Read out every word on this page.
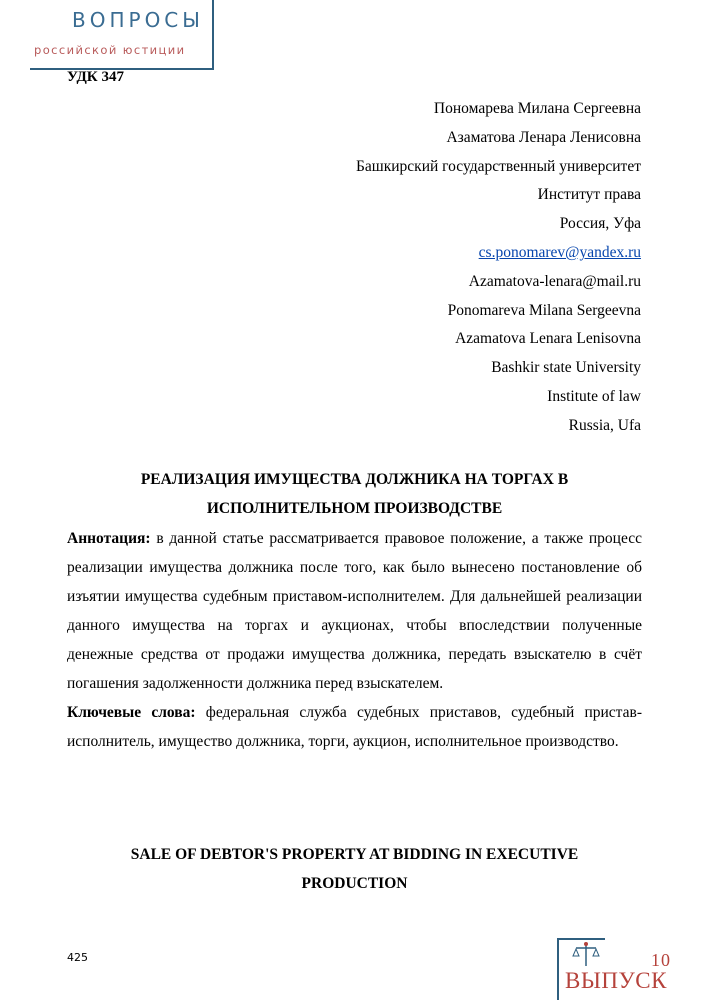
ВОПРОСЫ
российской юстиции
УДК 347
Пономарева Милана Сергеевна
Азаматова Ленара Ленисовна
Башкирский государственный университет
Институт права
Россия, Уфа
cs.ponomarev@yandex.ru
Azamatova-lenara@mail.ru
Ponomareva Milana Sergeevna
Azamatova Lenara Lenisovna
Bashkir state University
Institute of law
Russia, Ufa
РЕАЛИЗАЦИЯ ИМУЩЕСТВА ДОЛЖНИКА НА ТОРГАХ В
ИСПОЛНИТЕЛЬНОМ ПРОИЗВОДСТВЕ

Аннотация: в данной статье рассматривается правовое положение, а также процесс реализации имущества должника после того, как было вынесено постановление об изъятии имущества судебным приставом-исполнителем. Для дальнейшей реализации данного имущества на торгах и аукционах, чтобы впоследствии полученные денежные средства от продажи имущества должника, передать взыскателю в счёт погашения задолженности должника перед взыскателем.

Ключевые слова: федеральная служба судебных приставов, судебный пристав-исполнитель, имущество должника, торги, аукцион, исполнительное производство.

SALE OF DEBTOR'S PROPERTY AT BIDDING IN EXECUTIVE
PRODUCTION
425	10
ВЫПУСК
